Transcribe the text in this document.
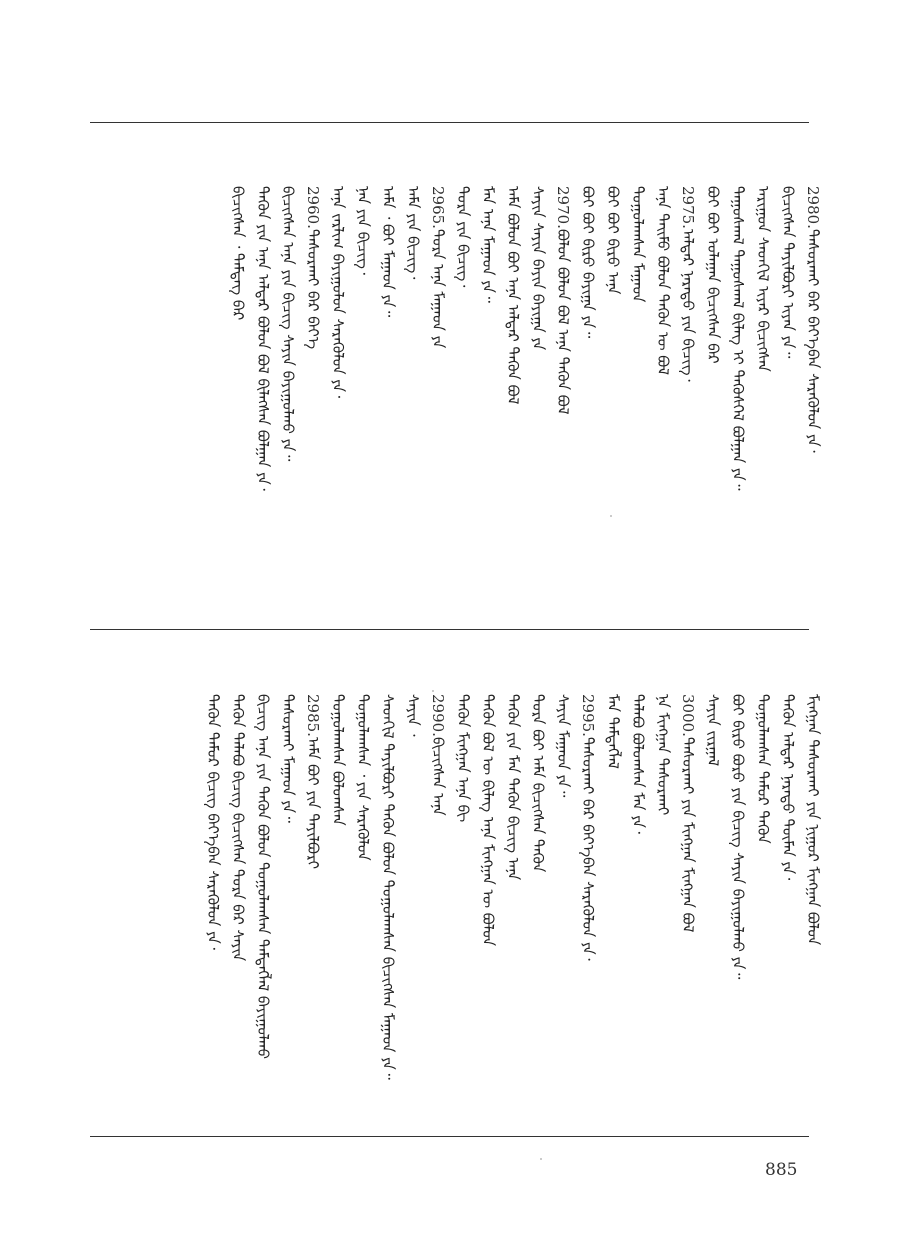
2980.ᠲᠠᠰᠤᠷᠬᠠᠢ ᠪᠡᠷ ᠪᠡᠶ᠎ᠡ᠎ᠪᠡᠨ ᠰᠡᠷᠡᠭᠦᠯᠦᠨ ᠶᠠ᠂
ᠪᠢᠴᠢᠭᠰᠡᠨ ᠲᠠᠶᠢᠯᠪᠤᠷᠢ ᠢᠶᠠᠨ ᠶᠠ᠃
ᠠᠷᠢᠭᠤᠨ ᠰᠡᠳᠬᠢᠯ ᠢᠶᠡᠷ ᠪᠢᠴᠢᠭᠰᠡᠨ
ᠲᠠᠭᠤᠰᠬᠠᠯ ᠲᠠᠭᠤᠰᠬᠠᠯ ᠪᠢᠯᠡᠭ ᠢ ᠲᠡᠭᠦᠰᠭᠡᠯ ᠪᠣᠯᠭᠠᠨ ᠶᠠ᠃
ᠪᠤᠢ ᠪᠤᠢ ᠤᠯᠠᠭᠠᠨ ᠪᠢᠴᠢᠭᠰᠡᠨ ᠪᠡᠷ
2975.ᠠᠯᠳᠠᠷ ᠨᠡᠷᠡᠲᠦ ᠶᠢᠨ ᠪᠢᠴᠢᠭ᠂
ᠠᠨᠠ ᠲᠡᠢᠮᠦ ᠪᠣᠯᠤᠨ ᠲᠡᠭᠦᠨ ᠦ ᠪᠣᠯ
ᠲᠤᠭᠤᠯᠠᠭᠰᠠᠨ ᠮᠠᠭᠠᠳ
ᠪᠤᠢ ᠪᠤᠢ ᠪᠢᠷᠤ ᠠᠨᠠ
ᠪᠤᠢ ᠪᠤᠢ ᠪᠢᠷᠤ ᠪᠠᠶᠢᠭᠠ ᠶᠠ᠃
2970.ᠪᠣᠯᠤᠨ ᠪᠣᠯᠤᠨ ᠪᠣᠯ ᠠᠨᠠ ᠲᠡᠭᠦᠨ ᠪᠣᠯ
ᠰᠠᠶᠢᠨ ᠰᠠᠶᠢᠨ ᠪᠠᠶᠢᠨ ᠪᠠᠶᠢᠭᠠ ᠶᠠ
ᠠᠮᠠ ᠪᠣᠯᠤᠨ ᠪᠤᠢ ᠠᠨᠠ ᠠᠯᠳᠠᠷ ᠲᠡᠭᠦᠨ ᠪᠣᠯ
ᠮᠠᠨ ᠠᠨᠠ ᠮᠠᠭᠠᠳ ᠶᠠ᠃
ᠲᠤᠷᠠ ᠶᠢᠨ ᠪᠢᠴᠢᠭ᠂
2965.ᠲᠤᠷᠠ ᠠᠨᠠ ᠮᠠᠭᠠᠳ ᠶᠠ
ᠠᠮᠠ ᠶᠢᠨ ᠪᠢᠴᠢᠭ᠂
ᠠᠮᠠ ᠂ ᠪᠤᠢ ᠮᠠᠭᠠᠳ ᠶᠠ᠃
ᠨᠠᠨ ᠶᠢᠨ ᠪᠢᠴᠢᠭ᠂
ᠠᠨᠠ ᠵᠠᠷᠯᠢᠭ ᠪᠠᠶᠢᠭᠤᠯᠤᠨ ᠰᠡᠷᠡᠭᠦᠯᠦᠨ ᠶᠠ᠂
2960.ᠲᠠᠰᠤᠷᠬᠠᠢ ᠪᠡᠷ ᠪᠡᠶ᠎ᠡ
ᠪᠢᠴᠢᠭᠰᠡᠨ ᠠᠨᠠ ᠶᠢᠨ ᠪᠢᠴᠢᠭ ᠰᠠᠶᠢᠨ ᠪᠠᠶᠢᠭᠤᠯᠬᠤ ᠶᠠ᠃
ᠲᠡᠭᠦᠨ ᠶᠢᠨ ᠠᠨᠠ ᠠᠯᠳᠠᠷ ᠪᠣᠯᠤᠨ ᠪᠣᠯ ᠪᠢᠯᠡᠭᠰᠡᠨ ᠪᠣᠯᠭᠠᠨ ᠶᠠ᠂
ᠪᠢᠴᠢᠭᠰᠡᠨ ᠂ ᠲᠡᠮᠳᠡᠭ ᠪᠡᠷ
ᠮᠢᠩᠭᠠᠨ ᠲᠠᠰᠤᠷᠬᠠᠢ ᠶᠢᠨ ᠨᠢᠭᠤᠷ ᠮᠢᠩᠭᠠᠨ ᠪᠣᠯᠤᠨ
ᠲᠡᠭᠦᠨ ᠠᠯᠳᠠᠷ ᠨᠡᠷᠡᠲᠦ ᠲᠦᠮᠡᠨ ᠶᠠ᠂
ᠲᠤᠭᠤᠯᠠᠭᠰᠠᠨ ᠲᠡᠮᠦᠷ ᠲᠡᠭᠦᠨ
ᠪᠤᠢ ᠪᠢᠷᠤ ᠪᠤᠷᠤ ᠶᠢᠨ ᠪᠢᠴᠢᠭ ᠰᠠᠶᠢᠨ ᠪᠠᠶᠢᠭᠤᠯᠬᠤ ᠶᠠ᠃
ᠰᠠᠶᠢᠨ ᠵᠢᠷᠭᠠᠯ
3000.ᠲᠠᠰᠤᠷᠬᠠᠢ ᠶᠢᠨ ᠮᠢᠩᠭᠠᠨ ᠮᠢᠩᠭᠠᠨ ᠪᠣᠯ
ᠨᠠ ᠮᠢᠩᠭᠠᠨ ᠲᠠᠰᠤᠷᠬᠠᠢ
ᠲᠠᠯᠠᠪᠤ ᠪᠣᠯᠤᠭᠰᠠᠨ ᠮᠠᠨ ᠶᠠ᠂
ᠮᠠᠨ ᠲᠡᠮᠳᠡᠭᠯᠡᠯ
2995.ᠲᠠᠰᠤᠷᠬᠠᠢ ᠪᠡᠷ ᠪᠡᠶ᠎ᠡ᠎ᠪᠡᠨ ᠰᠡᠷᠡᠭᠦᠯᠦᠨ ᠶᠠ᠂
ᠰᠠᠶᠢᠨ ᠮᠠᠭᠠᠳ ᠶᠠ᠃
ᠲᠤᠷᠠ ᠪᠤᠢ ᠠᠮᠠ ᠪᠢᠴᠢᠭᠰᠡᠨ ᠲᠡᠭᠦᠨ
ᠲᠡᠭᠦᠨ ᠶᠢᠨ ᠮᠠᠨ ᠲᠡᠭᠦᠨ ᠪᠢᠴᠢᠭ ᠠᠨᠠ
ᠲᠡᠭᠦᠨ ᠪᠣᠯ ᠦ ᠪᠢᠯᠡᠭ ᠠᠨᠠ ᠮᠢᠩᠭᠠᠨ ᠦ ᠪᠣᠯᠤᠨ
ᠲᠡᠭᠦᠨ ᠮᠢᠩᠭᠠᠨ ᠠᠨᠠ ᠪᠢ
2990.ᠪᠢᠴᠢᠭᠰᠡᠨ ᠠᠨᠠ
ᠰᠠᠶᠢᠨ ᠂
ᠰᠡᠳᠬᠢᠯ ᠲᠠᠶᠢᠯᠪᠤᠷᠢ ᠲᠡᠭᠦᠨ ᠪᠣᠯᠤᠨ ᠲᠤᠭᠤᠯᠠᠭᠰᠠᠨ ᠪᠢᠴᠢᠭᠰᠡᠨ ᠮᠠᠭᠠᠳ ᠶᠠ᠃
ᠲᠤᠭᠤᠯᠠᠭᠰᠠᠨ ᠂ ᠶᠢᠨ ᠰᠡᠷᠡᠭᠦᠯᠦᠨ
ᠲᠤᠭᠤᠯᠠᠭᠰᠠᠨ ᠪᠣᠯᠤᠭᠰᠠᠨ
2985.ᠠᠮᠠ ᠪᠤᠢ ᠶᠢᠨ ᠲᠠᠶᠢᠯᠪᠤᠷᠢ
ᠲᠠᠰᠤᠷᠬᠠᠢ ᠮᠠᠭᠠᠳ ᠶᠠ᠃
ᠪᠢᠴᠢᠭ ᠠᠨᠠ ᠶᠢᠨ ᠲᠡᠭᠦᠨ ᠪᠣᠯᠤᠨ ᠲᠤᠭᠤᠯᠠᠭᠰᠠᠨ ᠲᠡᠮᠳᠡᠭᠯᠡᠯ ᠪᠠᠶᠢᠭᠤᠯᠬᠤ
ᠲᠡᠭᠦᠨ ᠲᠠᠯᠠᠪᠤ ᠪᠢᠴᠢᠭ ᠪᠢᠴᠢᠭᠰᠡᠨ ᠲᠤᠷᠠ ᠪᠡᠷ ᠰᠠᠶᠢᠨ
ᠲᠡᠭᠦᠨ ᠲᠡᠮᠦᠷ ᠪᠢᠴᠢᠭ ᠪᠡᠶ᠎ᠡ᠎ᠪᠡᠨ ᠰᠡᠷᠡᠭᠦᠯᠦᠨ ᠶᠠ᠂
885
